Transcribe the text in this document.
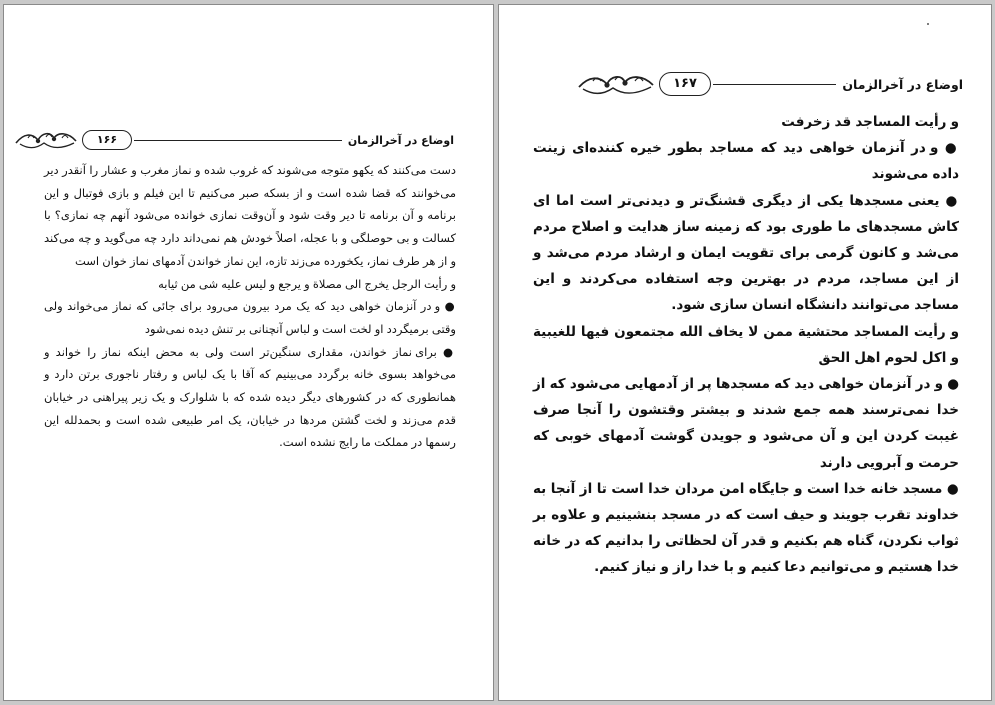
۱۶۶	اوضاع در آخرالزمان

دست می‌کنند که یکهو متوجه می‌شوند که غروب شده و نماز مغرب و عشار را آنقدر دیر می‌خوانند که قضا شده است و از بسکه صبر می‌کنیم تا این فیلم و بازی فوتبال و این برنامه و آن برنامه تا دیر وقت شود و آن‌وقت نمازی خوانده می‌شود آنهم چه نمازی؟ با کسالت و بی حوصلگی و با عجله، اصلاً خودش هم نمی‌داند دارد چه می‌گوید و چه می‌کند و از هر طرف نماز، یکخورده می‌زند تازه، این نماز خواندن آدمهای نماز خوان است

و رأیت الرجل یخرج الی مصلاة و یرجع و لیس علیه شی من ثیابه

● و در آنزمان خواهی دید که یک مرد بیرون می‌رود برای جائی که نماز می‌خواند ولی وقتی برمیگردد او لخت است و لباس آنچنانی بر تنش دیده نمی‌شود

● برای نماز خواندن، مقداری سنگین‌تر است ولی به محض اینکه نماز را خواند و می‌خواهد بسوی خانه برگردد می‌بینیم که آقا با یک لباس و رفتار ناجوری برتن دارد و همانطوری که در کشورهای دیگر دیده شده که با شلوارک و یک زیر پیراهنی در خیابان قدم می‌زند و لخت گشتن مردها در خیابان، یک امر طبیعی شده است و بحمدلله این رسمها در مملکت ما رایج نشده است.

۱۶۷	اوضاع در آخرالزمان

و رأیت المساجد قد زخرفت

● و در آنزمان خواهی دید که مساجد بطور خیره کننده‌ای زینت داده می‌شوند

● یعنی مسجدها یکی از دیگری قشنگ‌تر و دیدنی‌تر است اما ای کاش مسجدهای ما طوری بود که زمینه ساز هدایت و اصلاح مردم می‌شد و کانون گرمی برای تقویت ایمان و ارشاد مردم می‌شد و از این مساجد، مردم در بهترین وجه استفاده می‌کردند و این مساجد می‌توانند دانشگاه انسان سازی شود.

و رأیت المساجد محتشیة ممن لا یخاف الله مجتمعون فیها للغیبیة و اکل لحوم اهل الحق

● و در آنزمان خواهی دید که مسجدها پر از آدمهایی می‌شود که از خدا نمی‌ترسند همه جمع شدند و بیشتر وقتشون را آنجا صرف غیبت کردن این و آن می‌شود و جویدن گوشت آدمهای خوبی که حرمت و آبرویی دارند

● مسجد خانه خدا است و جایگاه امن مردان خدا است تا از آنجا به خداوند تقرب جویند و حیف است که در مسجد بنشینیم و علاوه بر ثواب نکردن، گناه هم بکنیم و قدر آن لحظاتی را بدانیم که در خانه خدا هستیم و می‌توانیم دعا کنیم و با خدا راز و نیاز کنیم.
